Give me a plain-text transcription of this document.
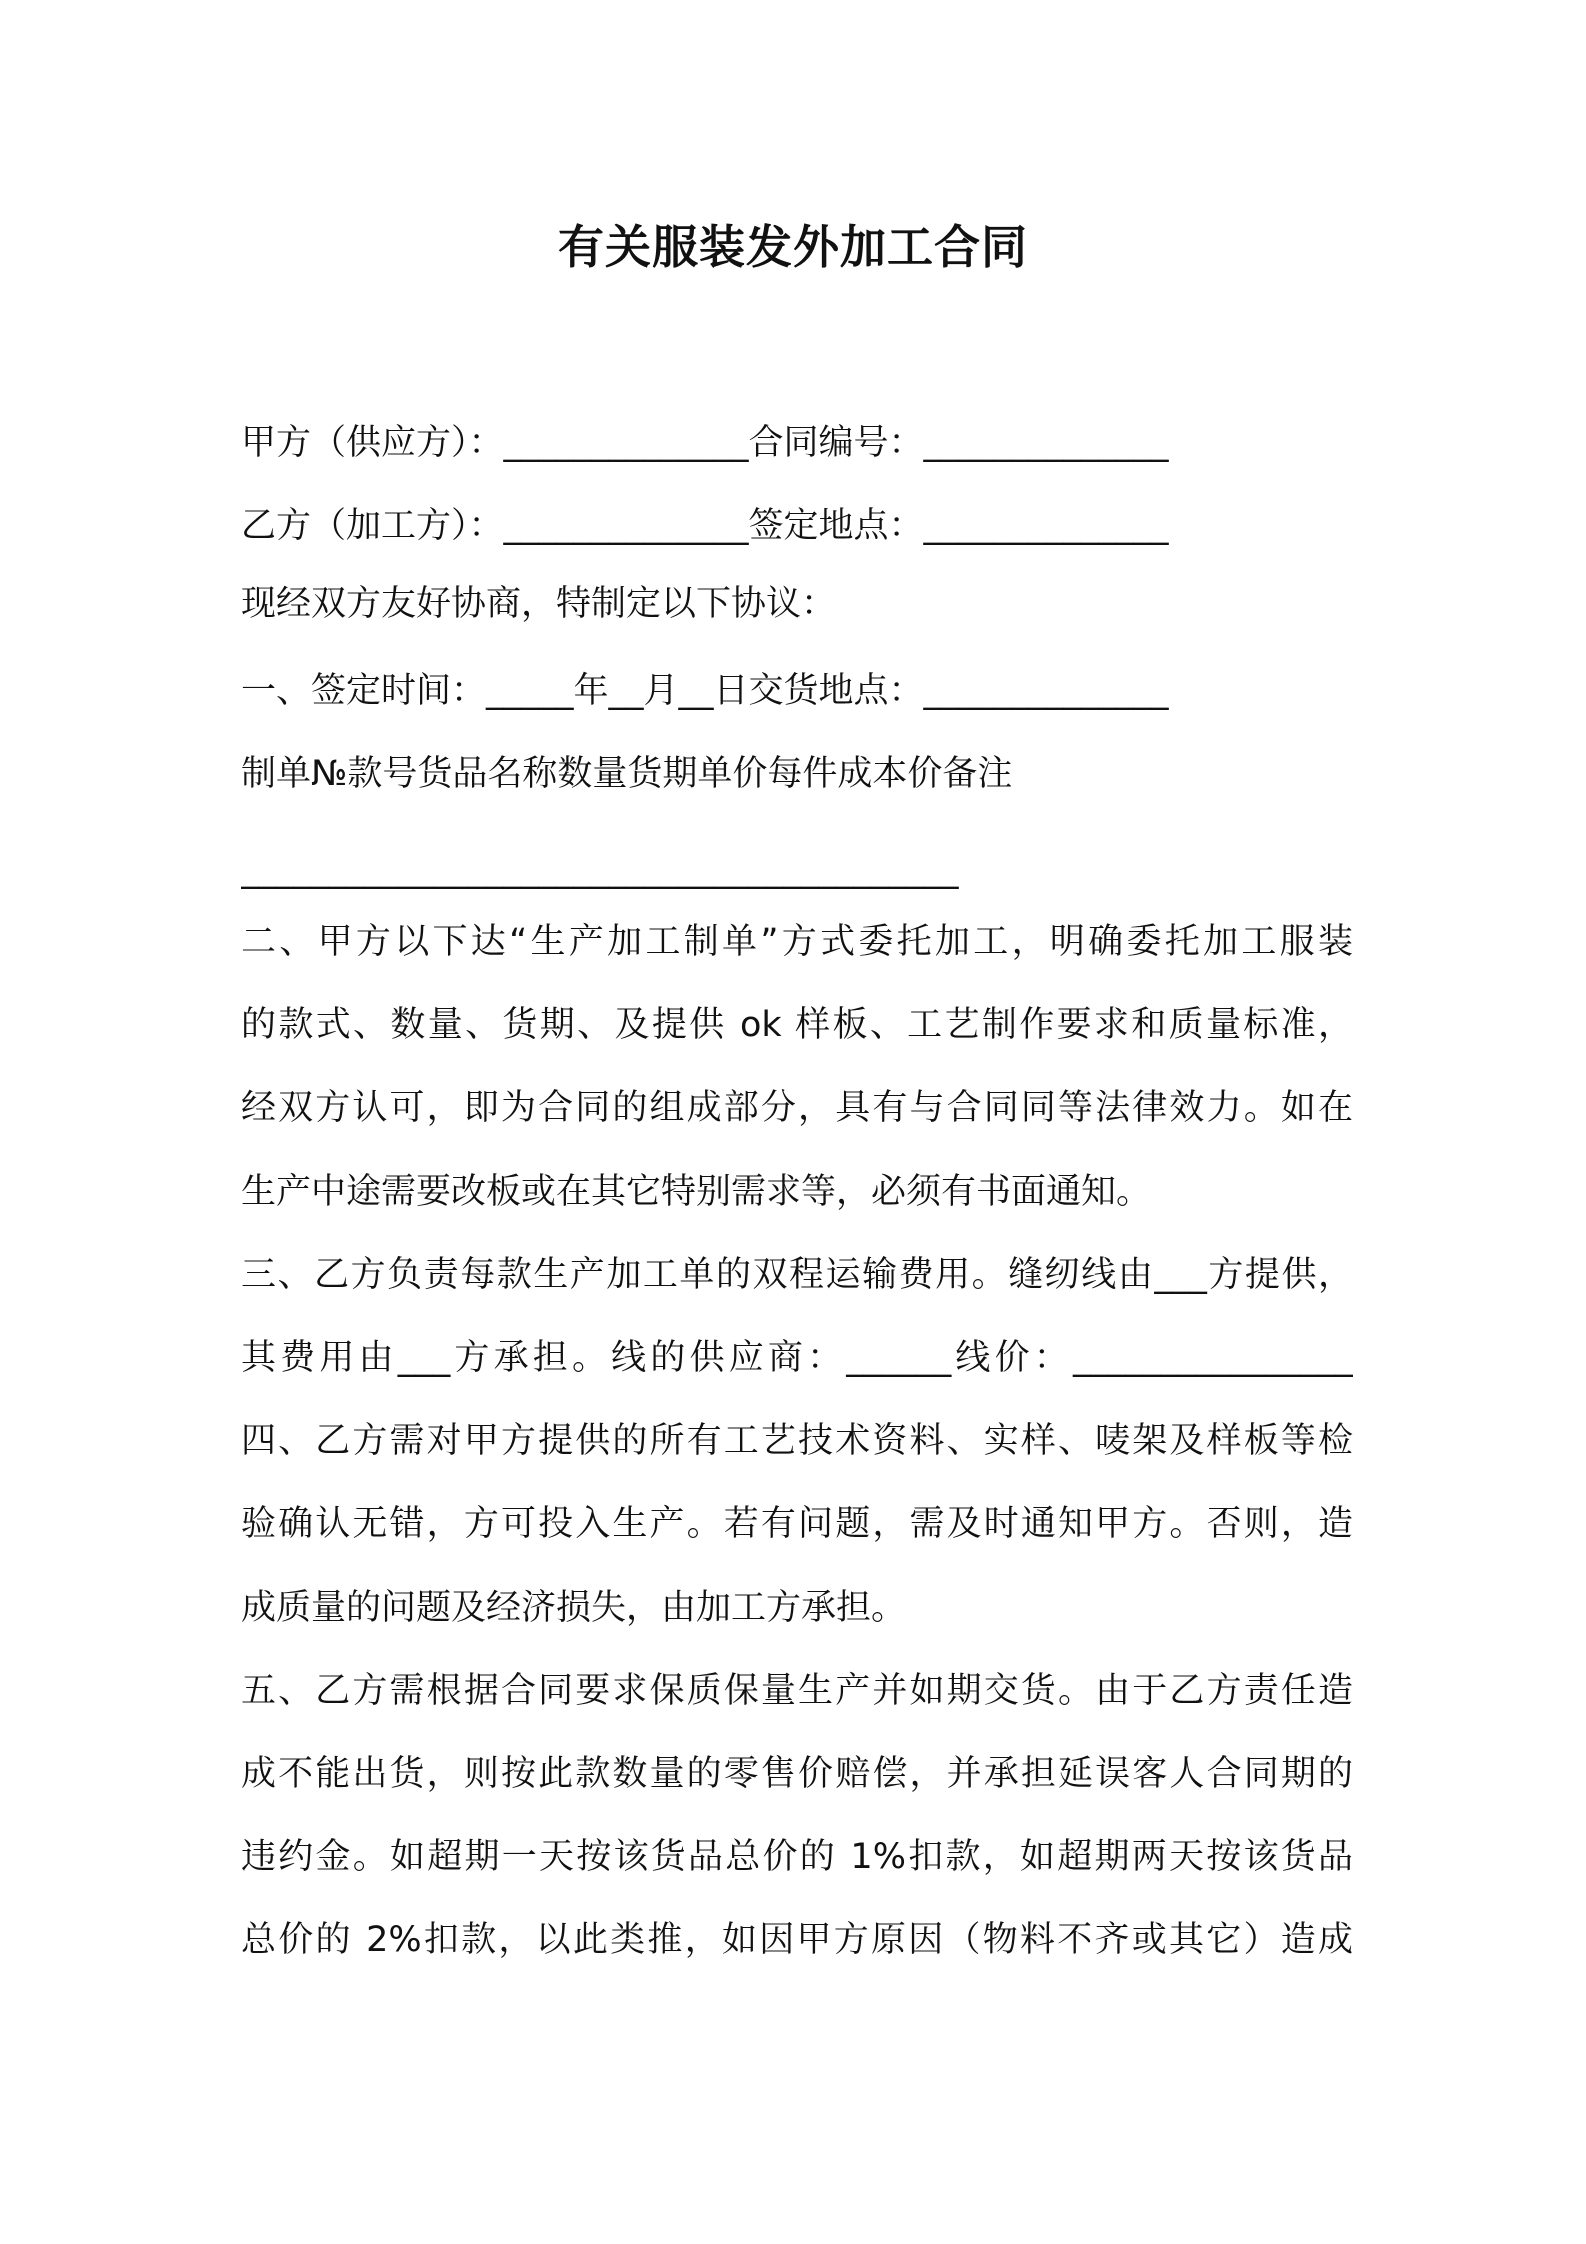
有关服装发外加工合同
甲方（供应方）：______________合同编号：______________
乙方（加工方）：______________签定地点：______________
现经双方友好协商，特制定以下协议：
一、签定时间：_____年__月__日交货地点：______________
制单№款号货品名称数量货期单价每件成本价备注
_________________________________________
二、甲方以下达“生产加工制单”方式委托加工，明确委托加工服装
的款式、数量、货期、及提供 ok 样板、工艺制作要求和质量标准，
经双方认可，即为合同的组成部分，具有与合同同等法律效力。如在
生产中途需要改板或在其它特别需求等，必须有书面通知。
三、乙方负责每款生产加工单的双程运输费用。缝纫线由___方提供，
其费用由___方承担。线的供应商：______线价：________________
四、乙方需对甲方提供的所有工艺技术资料、实样、唛架及样板等检
验确认无错，方可投入生产。若有问题，需及时通知甲方。否则，造
成质量的问题及经济损失，由加工方承担。
五、乙方需根据合同要求保质保量生产并如期交货。由于乙方责任造
成不能出货，则按此款数量的零售价赔偿，并承担延误客人合同期的
违约金。如超期一天按该货品总价的 1%扣款，如超期两天按该货品
总价的 2%扣款，以此类推，如因甲方原因（物料不齐或其它）造成
